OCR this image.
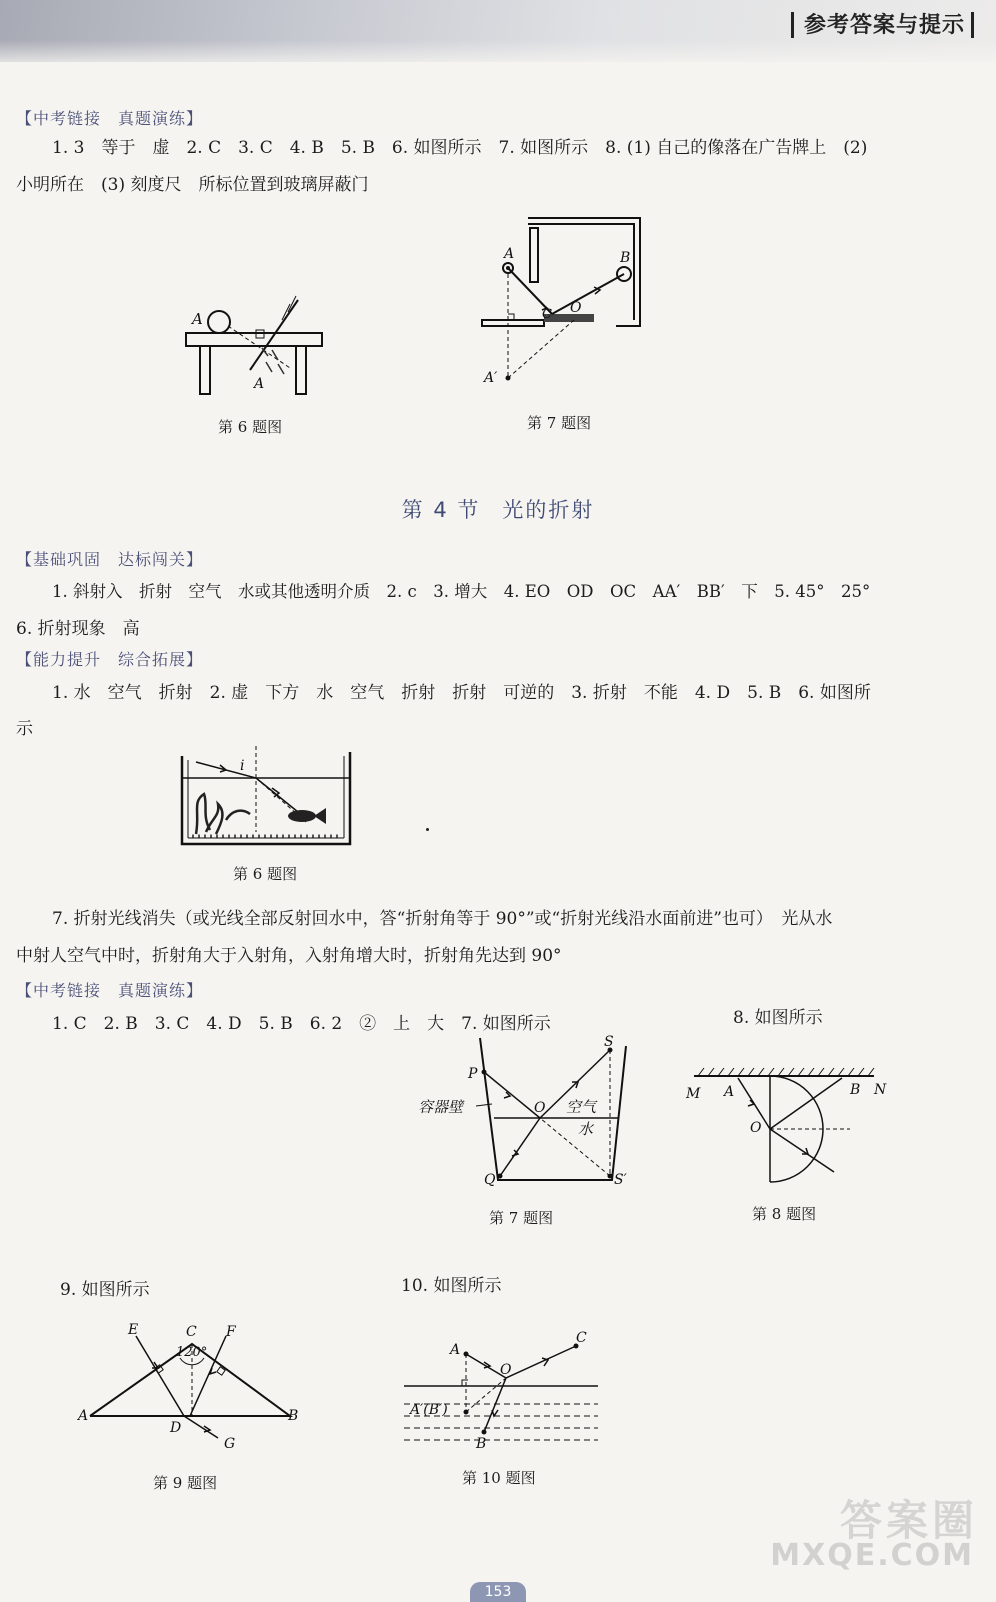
参考答案与提示
【中考链接　真题演练】
1. 3　等于　虚　2. C　3. C　4. B　5. B　6. 如图所示　7. 如图所示　8. (1) 自己的像落在广告牌上　(2)
小明所在　(3) 刻度尺　所标位置到玻璃屏蔽门
A
A
第 6 题图
A	B
O
C
A′
第 7 题图
第 4 节 光的折射
【基础巩固　达标闯关】
1. 斜射入　折射　空气　水或其他透明介质　2. c　3. 增大　4. EO　OD　OC　AA′　BB′　下　5. 45°　25°
6. 折射现象　高
【能力提升　综合拓展】
1. 水　空气　折射　2. 虚　下方　水　空气　折射　折射　可逆的　3. 折射　不能　4. D　5. B　6. 如图所
示
i
第 6 题图
7. 折射光线消失（或光线全部反射回水中，答“折射角等于 90°”或“折射光线沿水面前进”也可）　光从水
中射人空气中时，折射角大于入射角，入射角增大时，折射角先达到 90°
【中考链接　真题演练】
1. C　2. B　3. C　4. D　5. B　6. 2　②　上　大　7. 如图所示	8. 如图所示
P
S
O 空气
水
容器壁
Q	S′
第 7 题图
M A	B N
O
第 8 题图
9. 如图所示	10. 如图所示
E	C F
120°
A	B
D
G
第 9 题图
A
O
C
A′(B′)
B
第 10 题图
答案圈
MXQE.COM
153
